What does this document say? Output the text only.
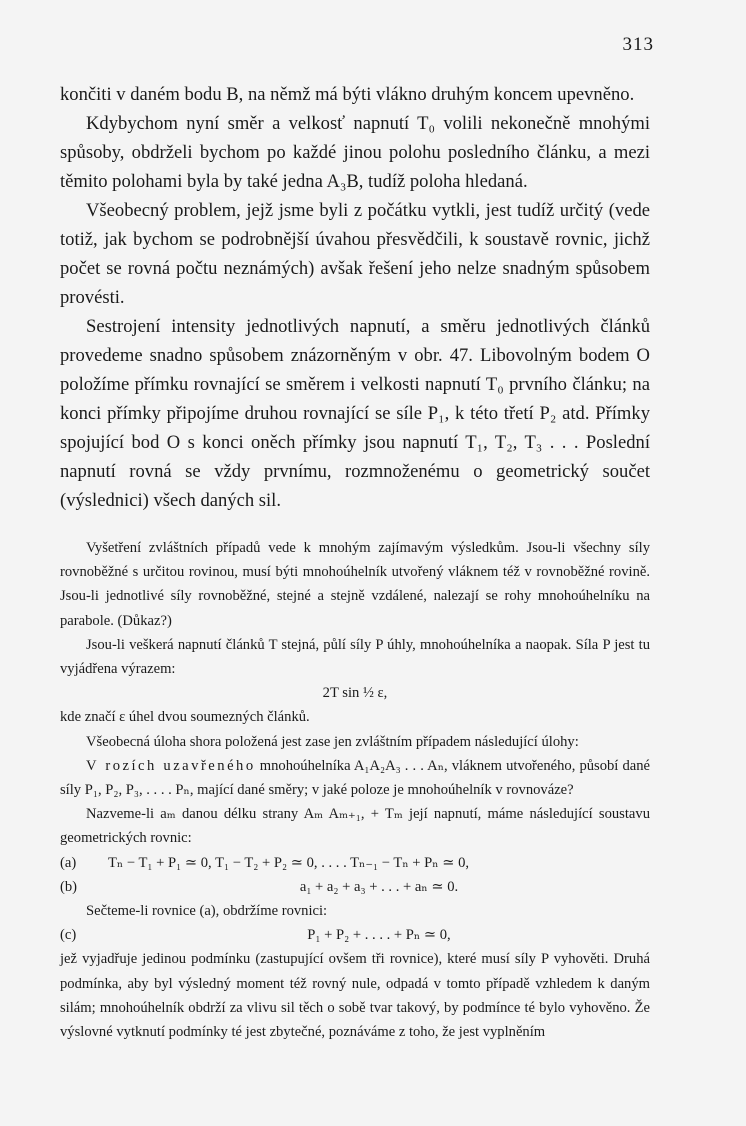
313

končiti v daném bodu B, na němž má býti vlákno druhým koncem upevněno.

Kdybychom nyní směr a velkosť napnutí T₀ volili nekonečně mnohými spůsoby, obdrželi bychom po každé jinou polohu posledního článku, a mezi těmito polohami byla by také jedna A₃B, tudíž poloha hledaná.

Všeobecný problem, jejž jsme byli z počátku vytkli, jest tudíž určitý (vede totiž, jak bychom se podrobnější úvahou přesvědčili, k soustavě rovnic, jichž počet se rovná počtu neznámých) avšak řešení jeho nelze snadným spůsobem provésti.

Sestrojení intensity jednotlivých napnutí, a směru jednotlivých článků provedeme snadno spůsobem znázorněným v obr. 47. Libovolným bodem O položíme přímku rovnající se směrem i velkosti napnutí T₀ prvního článku; na konci přímky připojíme druhou rovnající se síle P₁, k této třetí P₂ atd. Přímky spojující bod O s konci oněch přímky jsou napnutí T₁, T₂, T₃ . . . Poslední napnutí rovná se vždy prvnímu, rozmnoženému o geometrický součet (výslednici) všech daných sil.

Vyšetření zvláštních případů vede k mnohým zajímavým výsledkům. Jsou-li všechny síly rovnoběžné s určitou rovinou, musí býti mnohoúhelník utvořený vláknem též v rovnoběžné rovině. Jsou-li jednotlivé síly rovnoběžné, stejné a stejně vzdálené, nalezají se rohy mnohoúhelníku na parabole. (Důkaz?)

Jsou-li veškerá napnutí článků T stejná, půlí síly P úhly, mnohoúhelníka a naopak. Síla P jest tu vyjádřena výrazem:

2T sin ½ ε,

kde značí ε úhel dvou soumezných článků.

Všeobecná úloha shora položená jest zase jen zvláštním případem následující úlohy:

V rozích uzavřeného mnohoúhelníka A₁A₂A₃ . . . Aₙ, vláknem utvořeného, působí dané síly P₁, P₂, P₃, . . . . Pₙ, mající dané směry; v jaké poloze je mnohoúhelník v rovnováze?

Nazveme-li aₘ danou délku strany Aₘ Aₘ₊₁, + Tₘ její napnutí, máme následující soustavu geometrických rovnic:

(a)	Tₙ − T₁ + P₁ ≃ 0, T₁ − T₂ + P₂ ≃ 0, . . . . Tₙ₋₁ − Tₙ + Pₙ ≃ 0,
(b)	a₁ + a₂ + a₃ + . . . + aₙ ≃ 0.

Sečteme-li rovnice (a), obdržíme rovnici:

(c)	P₁ + P₂ + . . . . + Pₙ ≃ 0,

jež vyjadřuje jedinou podmínku (zastupující ovšem tři rovnice), které musí síly P vyhověti. Druhá podmínka, aby byl výsledný moment též rovný nule, odpadá v tomto případě vzhledem k daným silám; mnohoúhelník obdrží za vlivu sil těch o sobě tvar takový, by podmínce té bylo vyhověno. Že výslovné vytknutí podmínky té jest zbytečné, poznáváme z toho, že jest vyplněním
